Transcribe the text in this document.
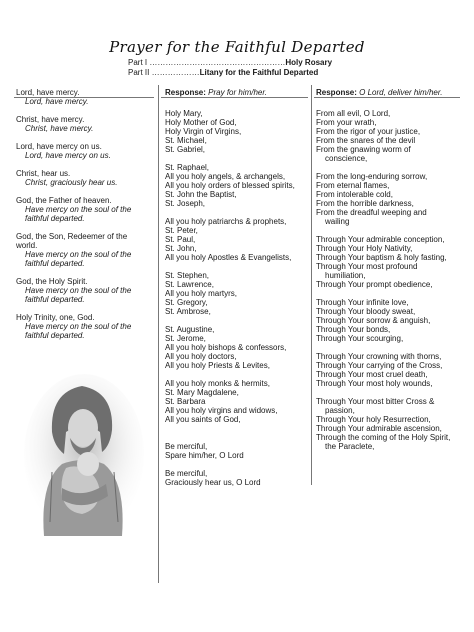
Prayer for the Faithful Departed
Part I ……………………………………………Holy Rosary
Part II ………………Litany for the Faithful Departed
Response: Pray for him/her.	Response: O Lord, deliver him/her.
Lord, have mercy.
Lord, have mercy.
Christ, have mercy.
Christ, have mercy.
Lord, have mercy on us.
Lord, have mercy on us.
Christ, hear us.
Christ, graciously hear us.
God, the Father of heaven.
Have mercy on the soul of the
faithful departed.
God, the Son, Redeemer of the
world.
Have mercy on the soul of the
faithful departed.
God, the Holy Spirit.
Have mercy on the soul of the
faithful departed.
Holy Trinity, one, God.
Have mercy on the soul of the
faithful departed.
Holy Mary,
Holy Mother of God,
Holy Virgin of Virgins,
St. Michael,
St. Gabriel,
St. Raphael,
All you holy angels, & archangels,
All you holy orders of blessed spirits,
St. John the Baptist,
St. Joseph,
All you holy patriarchs & prophets,
St. Peter,
St. Paul,
St. John,
All you holy Apostles & Evangelists,
St. Stephen,
St. Lawrence,
All you holy martyrs,
St. Gregory,
St. Ambrose,
St. Augustine,
St. Jerome,
All you holy bishops & confessors,
All you holy doctors,
All you holy Priests & Levites,
All you holy monks & hermits,
St. Mary Magdalene,
St. Barbara
All you holy virgins and widows,
All you saints of God,
Be merciful,
Spare him/her, O Lord
Be merciful,
Graciously hear us, O Lord
From all evil, O Lord,
From your wrath,
From the rigor of your justice,
From the snares of the devil
From the gnawing worm of
conscience,
From the long-enduring sorrow,
From eternal flames,
From intolerable cold,
From the horrible darkness,
From the dreadful weeping and
wailing
Through Your admirable conception,
Through Your Holy Nativity,
Through Your baptism & holy fasting,
Through Your most profound
humiliation,
Through Your prompt obedience,
Through Your infinite love,
Through Your bloody sweat,
Through Your sorrow & anguish,
Through Your bonds,
Through Your scourging,
Through Your crowning with thorns,
Through Your carrying of the Cross,
Through Your most cruel death,
Through Your most holy wounds,
Through Your most bitter Cross &
passion,
Through Your holy Resurrection,
Through Your admirable ascension,
Through the coming of the Holy Spirit,
the Paraclete,
